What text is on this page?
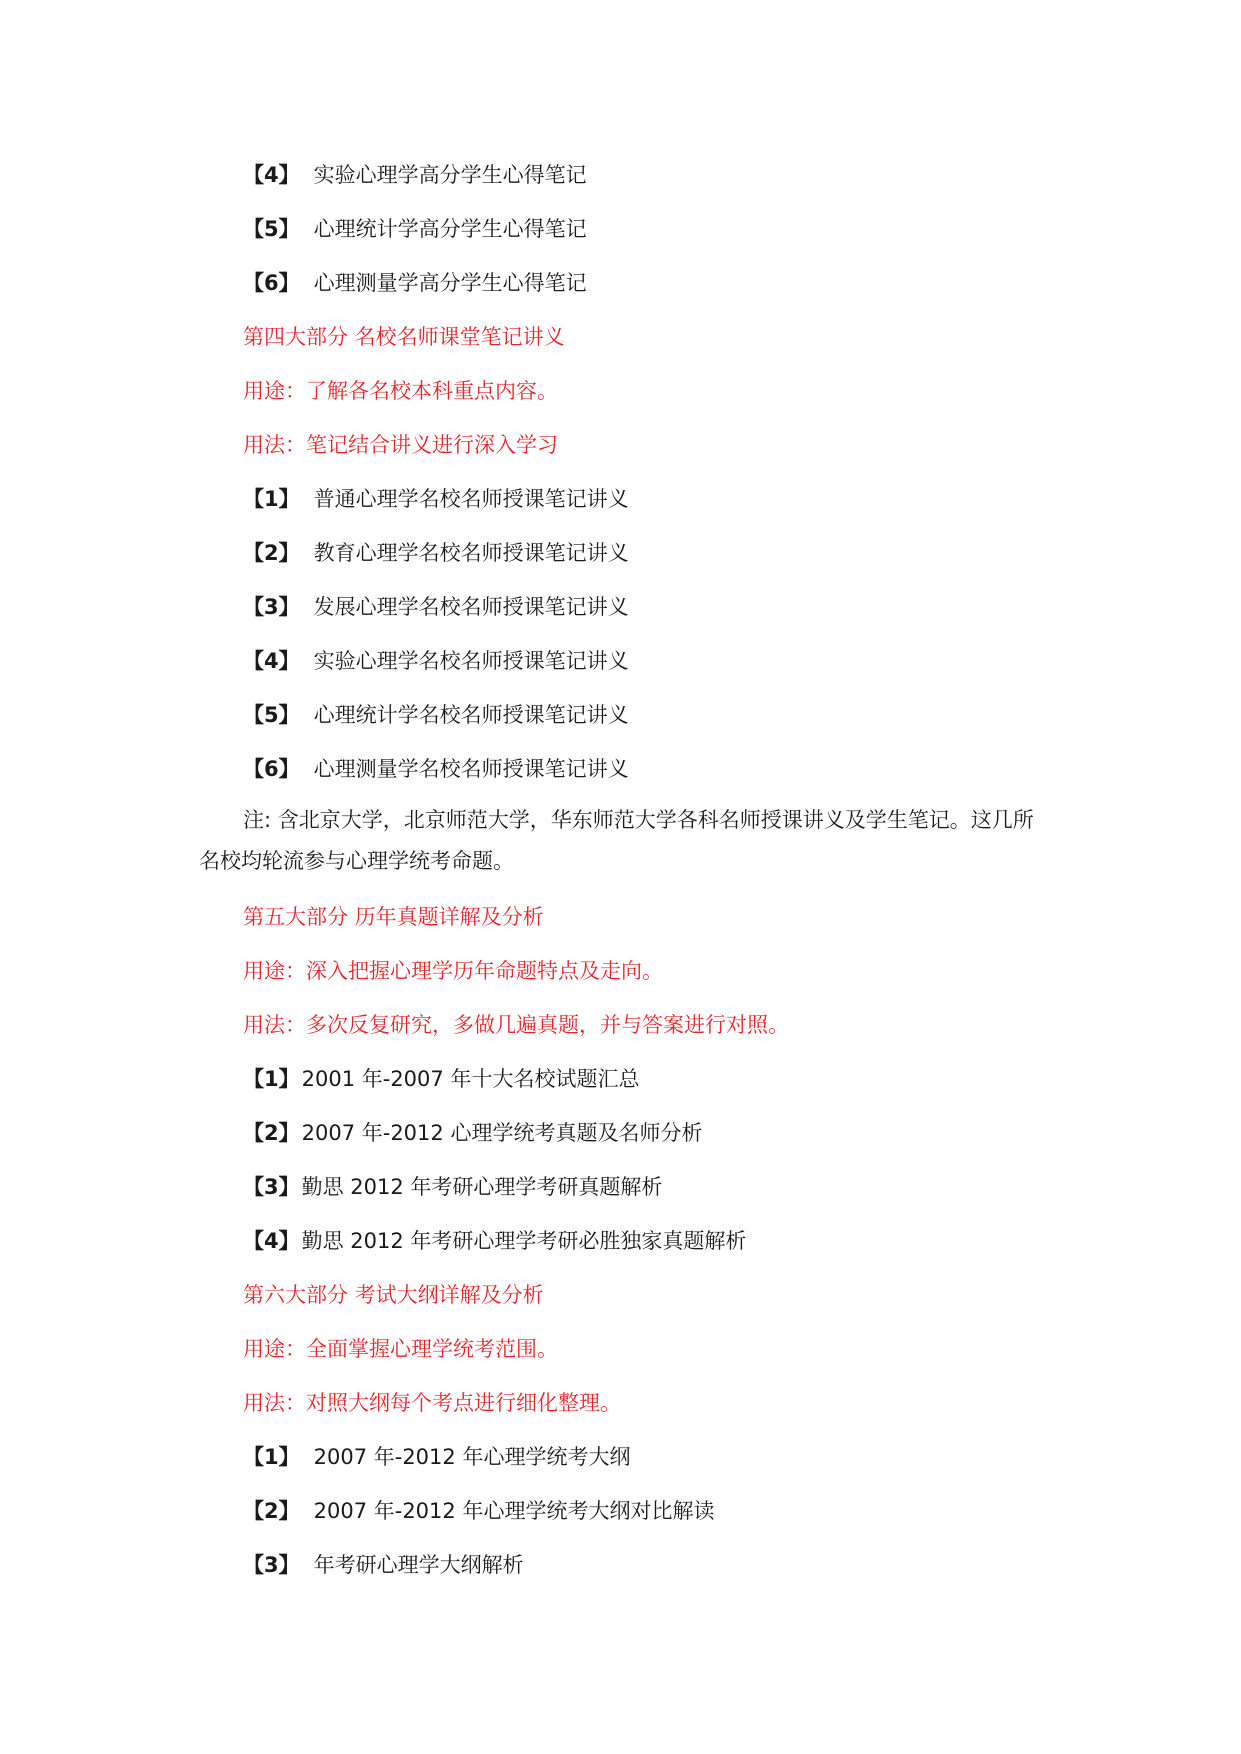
【4】 实验心理学高分学生心得笔记
【5】 心理统计学高分学生心得笔记
【6】 心理测量学高分学生心得笔记
第四大部分 名校名师课堂笔记讲义
用途：了解各名校本科重点内容。
用法：笔记结合讲义进行深入学习
【1】 普通心理学名校名师授课笔记讲义
【2】 教育心理学名校名师授课笔记讲义
【3】 发展心理学名校名师授课笔记讲义
【4】 实验心理学名校名师授课笔记讲义
【5】 心理统计学名校名师授课笔记讲义
【6】 心理测量学名校名师授课笔记讲义
注: 含北京大学，北京师范大学，华东师范大学各科名师授课讲义及学生笔记。这几所名校均轮流参与心理学统考命题。
第五大部分 历年真题详解及分析
用途：深入把握心理学历年命题特点及走向。
用法：多次反复研究，多做几遍真题，并与答案进行对照。
【1】2001 年-2007 年十大名校试题汇总
【2】2007 年-2012 心理学统考真题及名师分析
【3】勤思 2012 年考研心理学考研真题解析
【4】勤思 2012 年考研心理学考研必胜独家真题解析
第六大部分 考试大纲详解及分析
用途：全面掌握心理学统考范围。
用法：对照大纲每个考点进行细化整理。
【1】 2007 年-2012 年心理学统考大纲
【2】 2007 年-2012 年心理学统考大纲对比解读
【3】 年考研心理学大纲解析
